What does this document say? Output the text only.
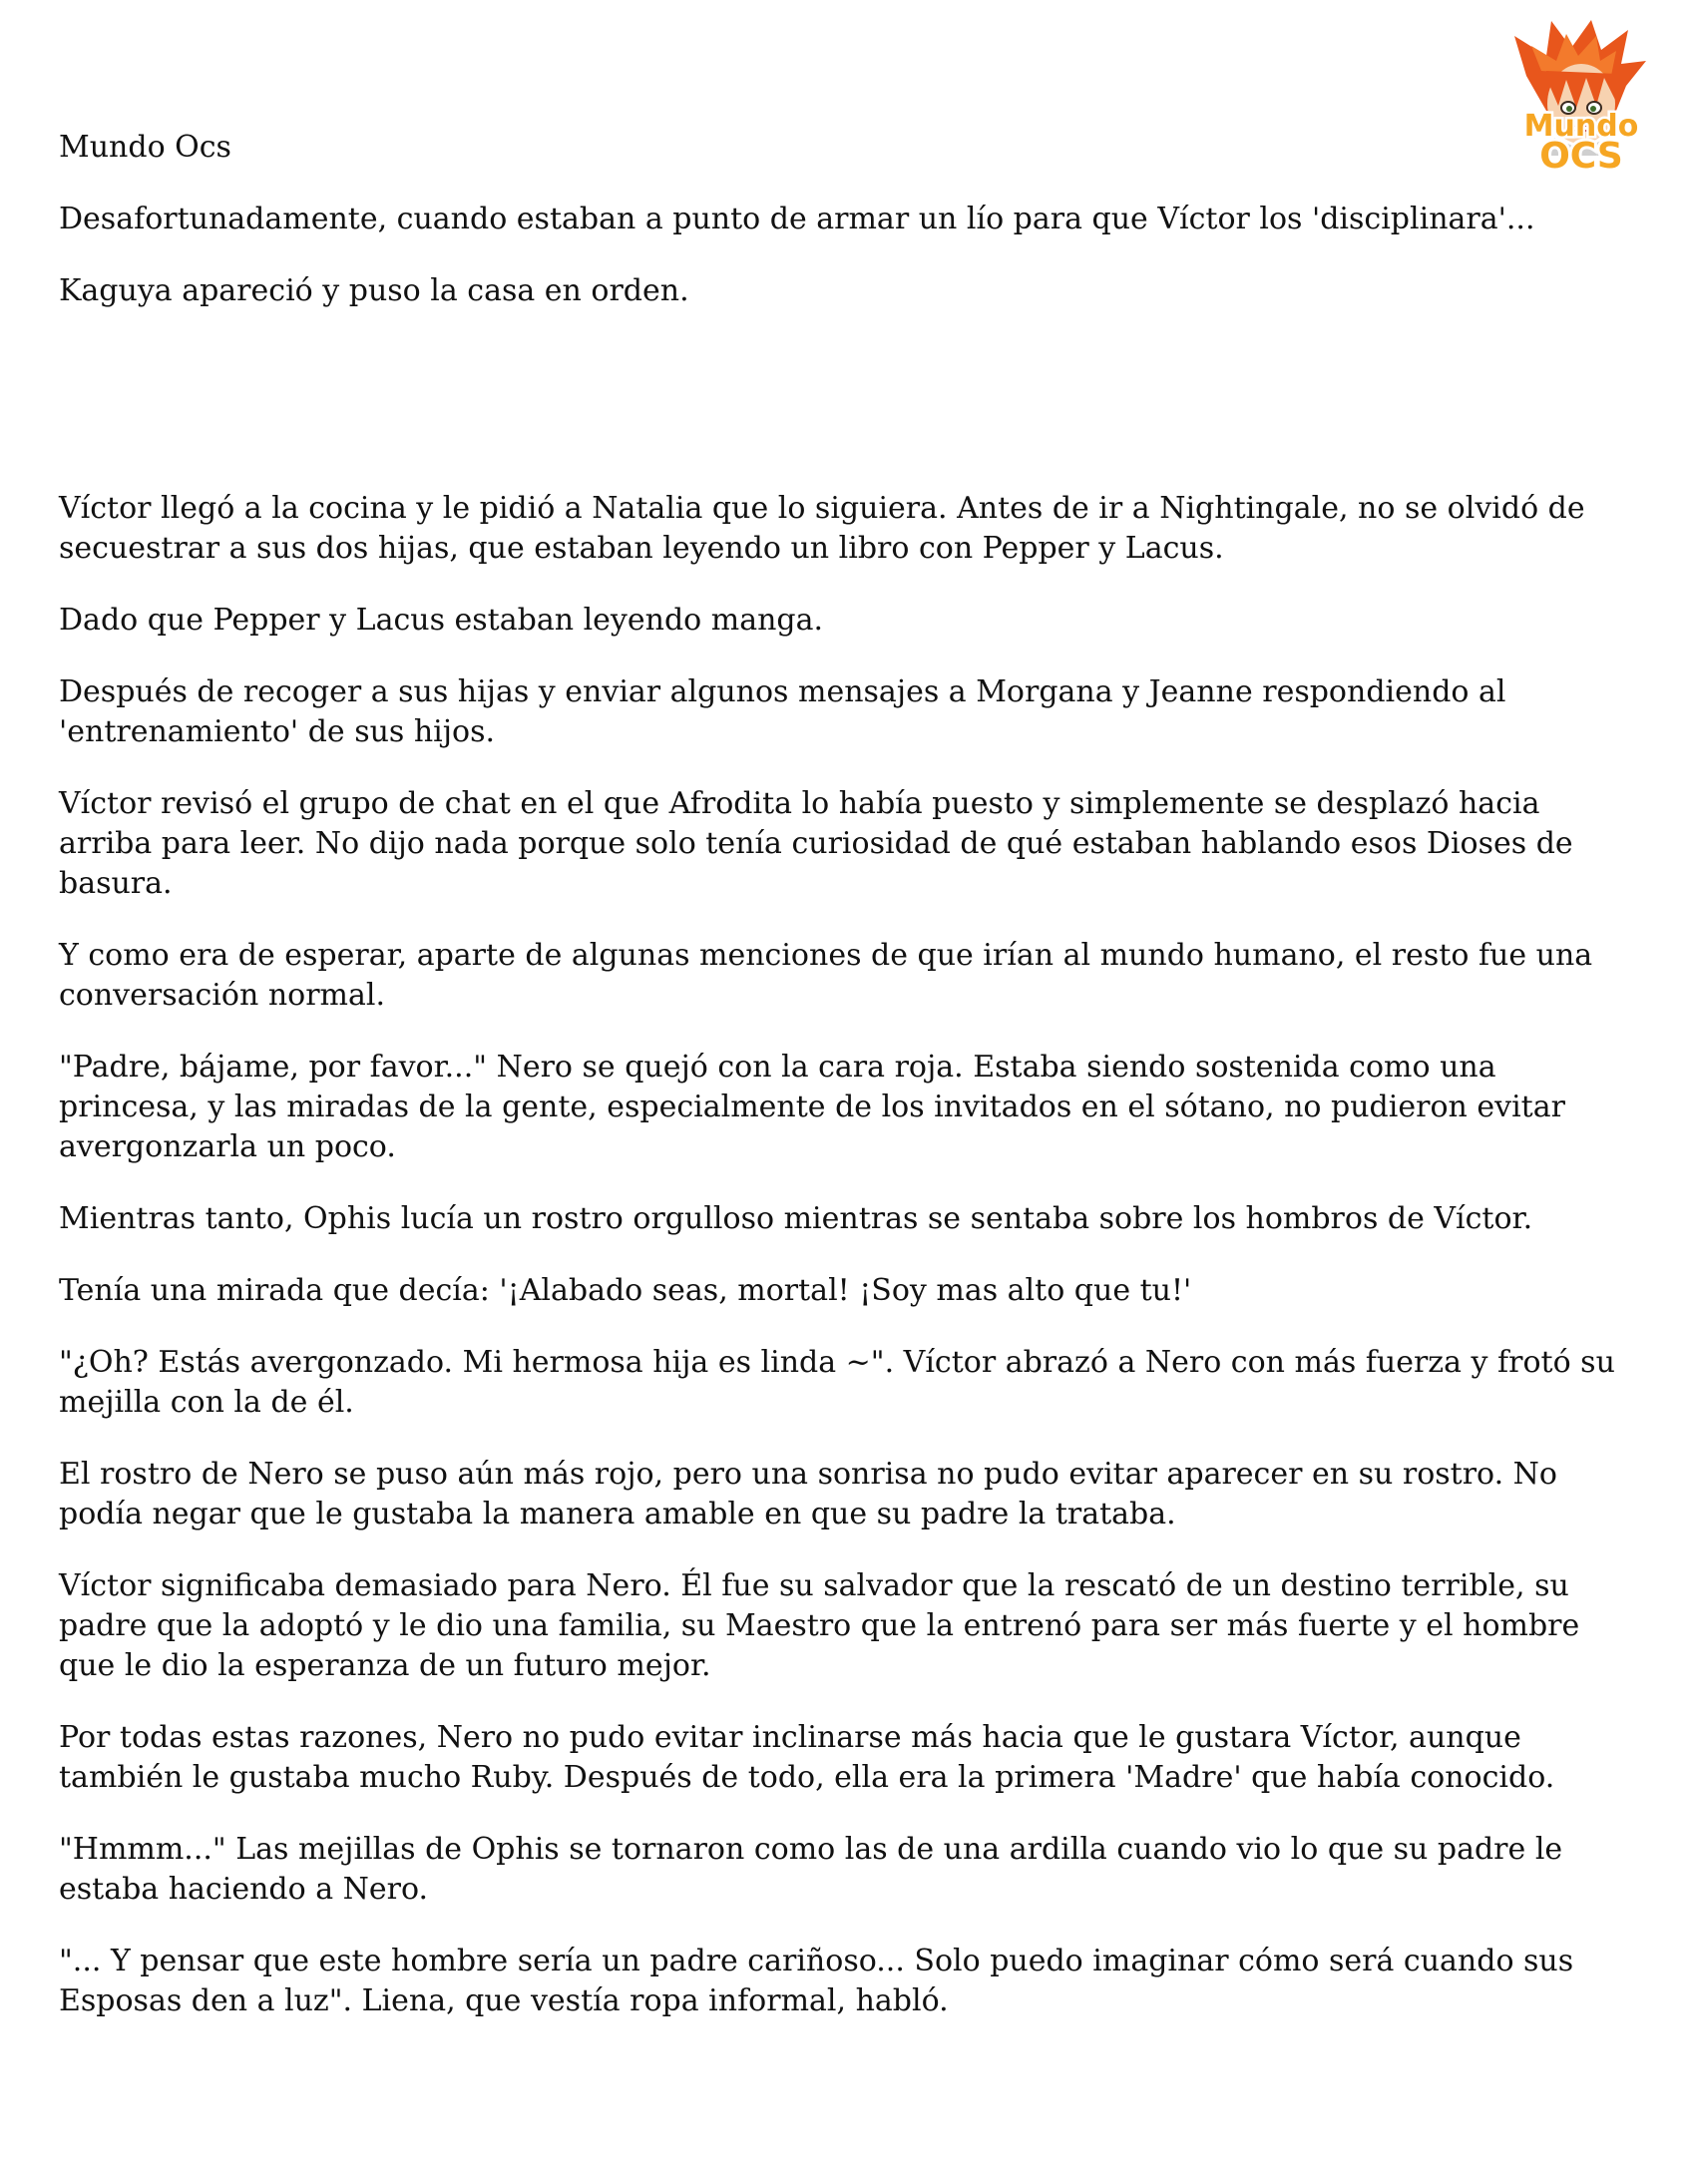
Mundo
OCS

Mundo Ocs

Desafortunadamente, cuando estaban a punto de armar un lío para que Víctor los 'disciplinara'...

Kaguya apareció y puso la casa en orden.

Víctor llegó a la cocina y le pidió a Natalia que lo siguiera. Antes de ir a Nightingale, no se olvidó de secuestrar a sus dos hijas, que estaban leyendo un libro con Pepper y Lacus.

Dado que Pepper y Lacus estaban leyendo manga.

Después de recoger a sus hijas y enviar algunos mensajes a Morgana y Jeanne respondiendo al 'entrenamiento' de sus hijos.

Víctor revisó el grupo de chat en el que Afrodita lo había puesto y simplemente se desplazó hacia arriba para leer. No dijo nada porque solo tenía curiosidad de qué estaban hablando esos Dioses de basura.

Y como era de esperar, aparte de algunas menciones de que irían al mundo humano, el resto fue una conversación normal.

"Padre, bájame, por favor..." Nero se quejó con la cara roja. Estaba siendo sostenida como una princesa, y las miradas de la gente, especialmente de los invitados en el sótano, no pudieron evitar avergonzarla un poco.

Mientras tanto, Ophis lucía un rostro orgulloso mientras se sentaba sobre los hombros de Víctor.

Tenía una mirada que decía: '¡Alabado seas, mortal! ¡Soy mas alto que tu!'

"¿Oh? Estás avergonzado. Mi hermosa hija es linda ~". Víctor abrazó a Nero con más fuerza y frotó su mejilla con la de él.

El rostro de Nero se puso aún más rojo, pero una sonrisa no pudo evitar aparecer en su rostro. No podía negar que le gustaba la manera amable en que su padre la trataba.

Víctor significaba demasiado para Nero. Él fue su salvador que la rescató de un destino terrible, su padre que la adoptó y le dio una familia, su Maestro que la entrenó para ser más fuerte y el hombre que le dio la esperanza de un futuro mejor.

Por todas estas razones, Nero no pudo evitar inclinarse más hacia que le gustara Víctor, aunque también le gustaba mucho Ruby. Después de todo, ella era la primera 'Madre' que había conocido.

"Hmmm..." Las mejillas de Ophis se tornaron como las de una ardilla cuando vio lo que su padre le estaba haciendo a Nero.

"... Y pensar que este hombre sería un padre cariñoso... Solo puedo imaginar cómo será cuando sus Esposas den a luz". Liena, que vestía ropa informal, habló.
